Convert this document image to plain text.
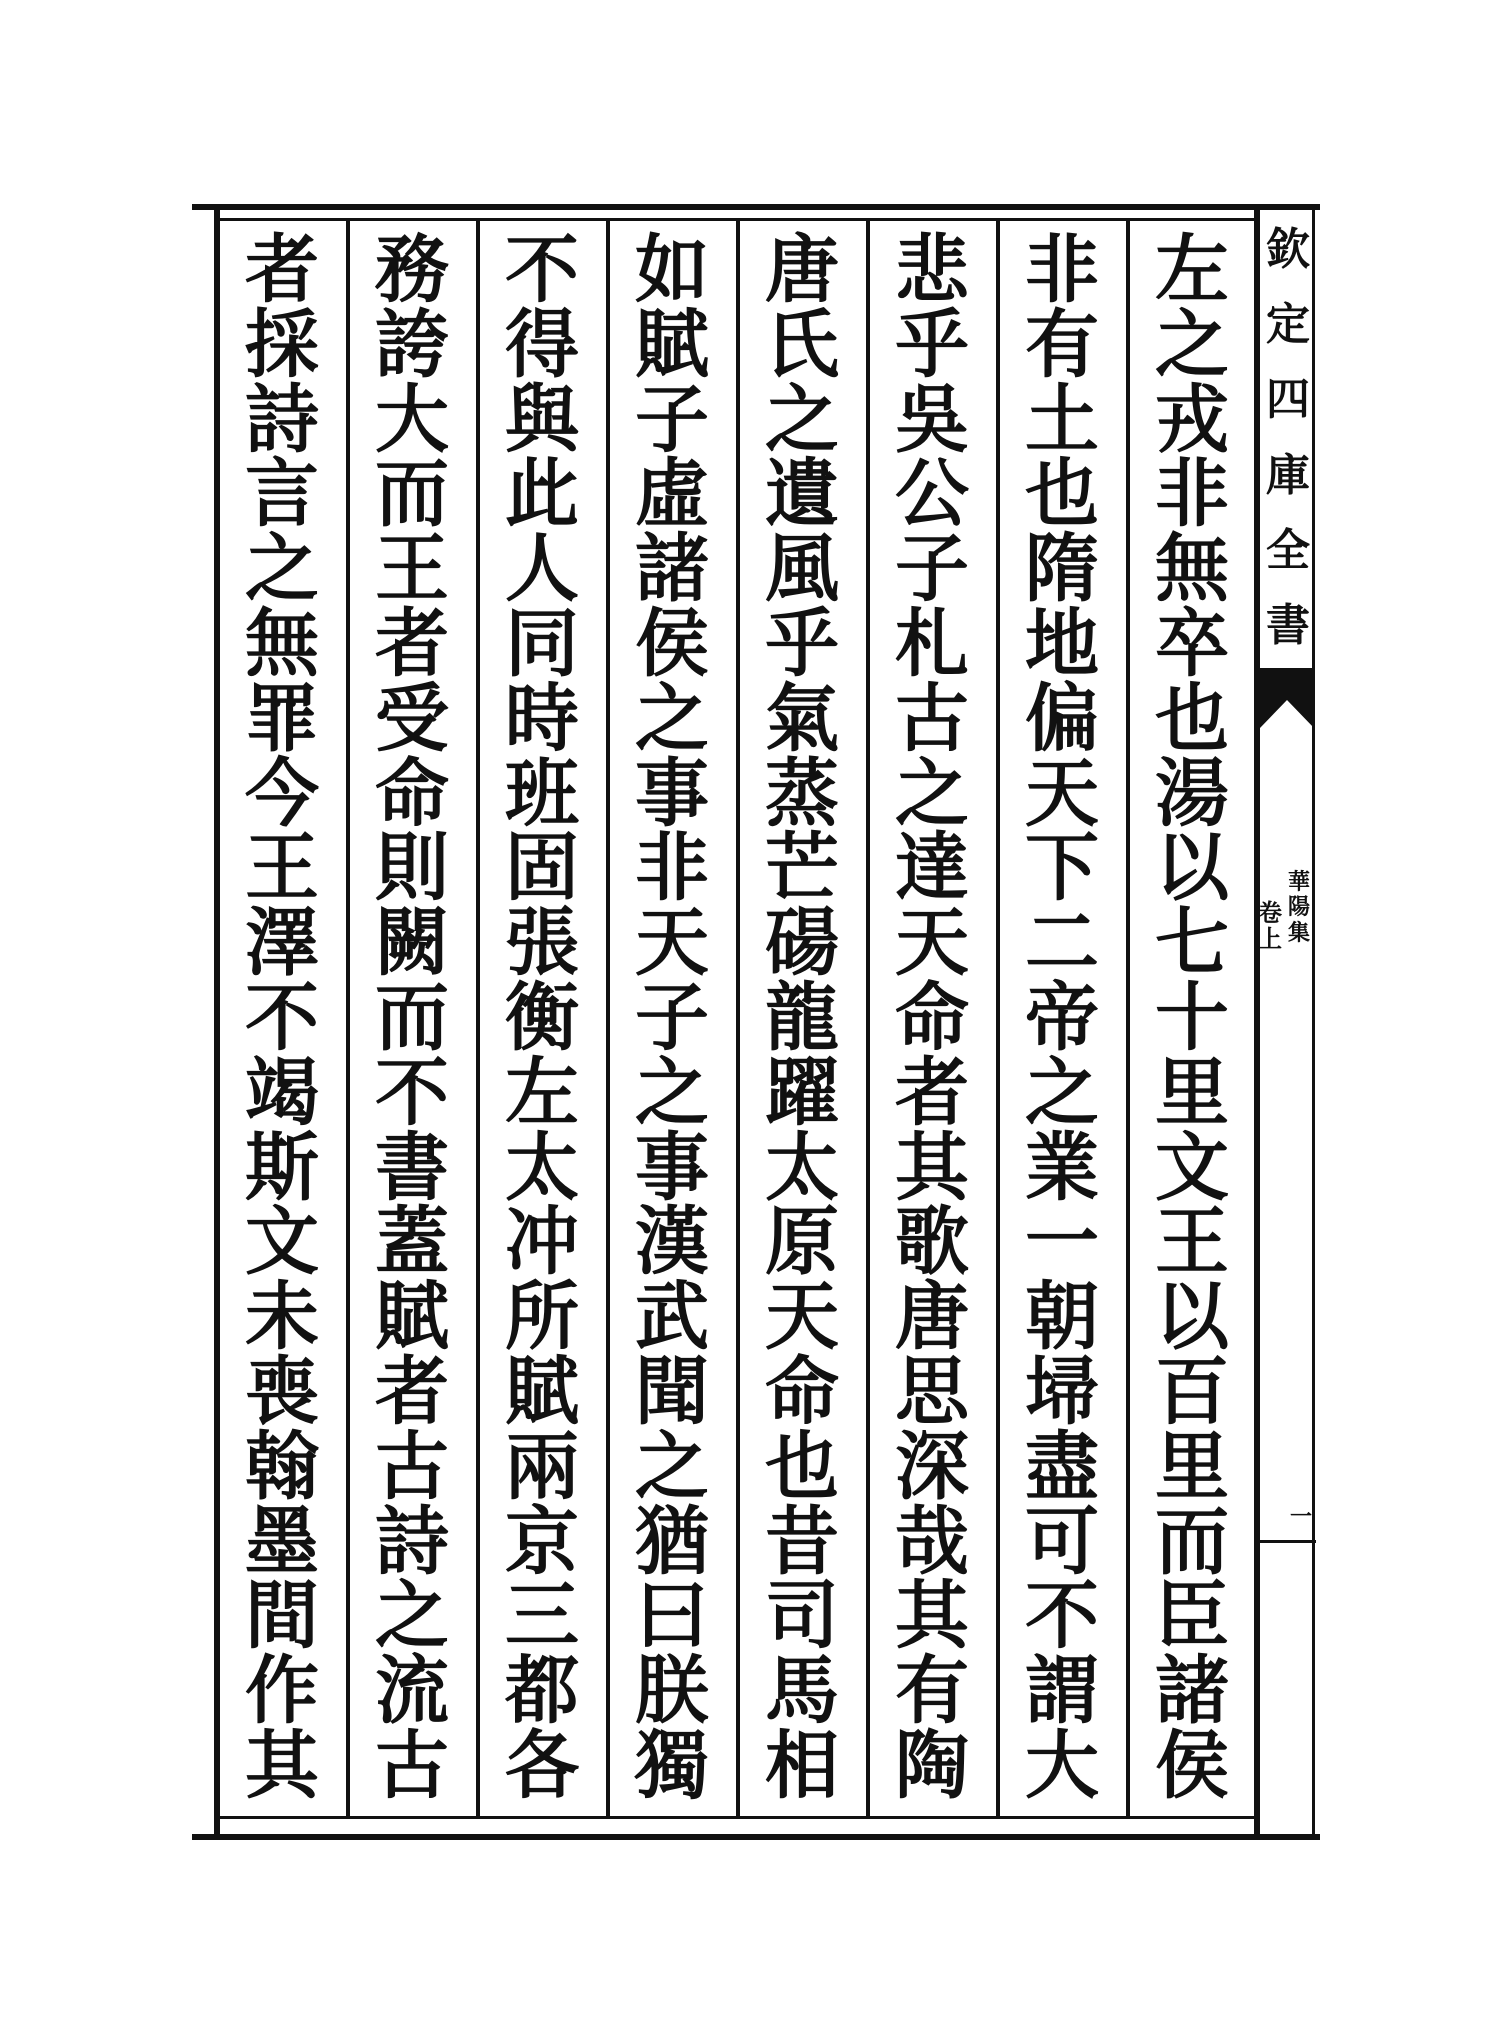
左
之
戎
非
無
卒
也
湯
以
七
十
里
文
王
以
百
里
而
臣
諸
侯
非
有
土
也
隋
地
偏
天
下
二
帝
之
業
一
朝
埽
盡
可
不
謂
大
悲
乎
吳
公
子
札
古
之
達
天
命
者
其
歌
唐
思
深
哉
其
有
陶
唐
氏
之
遺
風
乎
氣
蒸
芒
碭
龍
躍
太
原
天
命
也
昔
司
馬
相
如
賦
子
虛
諸
侯
之
事
非
天
子
之
事
漢
武
聞
之
猶
曰
朕
獨
不
得
與
此
人
同
時
班
固
張
衡
左
太
冲
所
賦
兩
京
三
都
各
務
誇
大
而
王
者
受
命
則
闕
而
不
書
蓋
賦
者
古
詩
之
流
古
者
採
詩
言
之
無
罪
今
王
澤
不
竭
斯
文
未
喪
翰
墨
間
作
其
欽
定
四
庫
全
書
華
陽
集
卷
上
一
